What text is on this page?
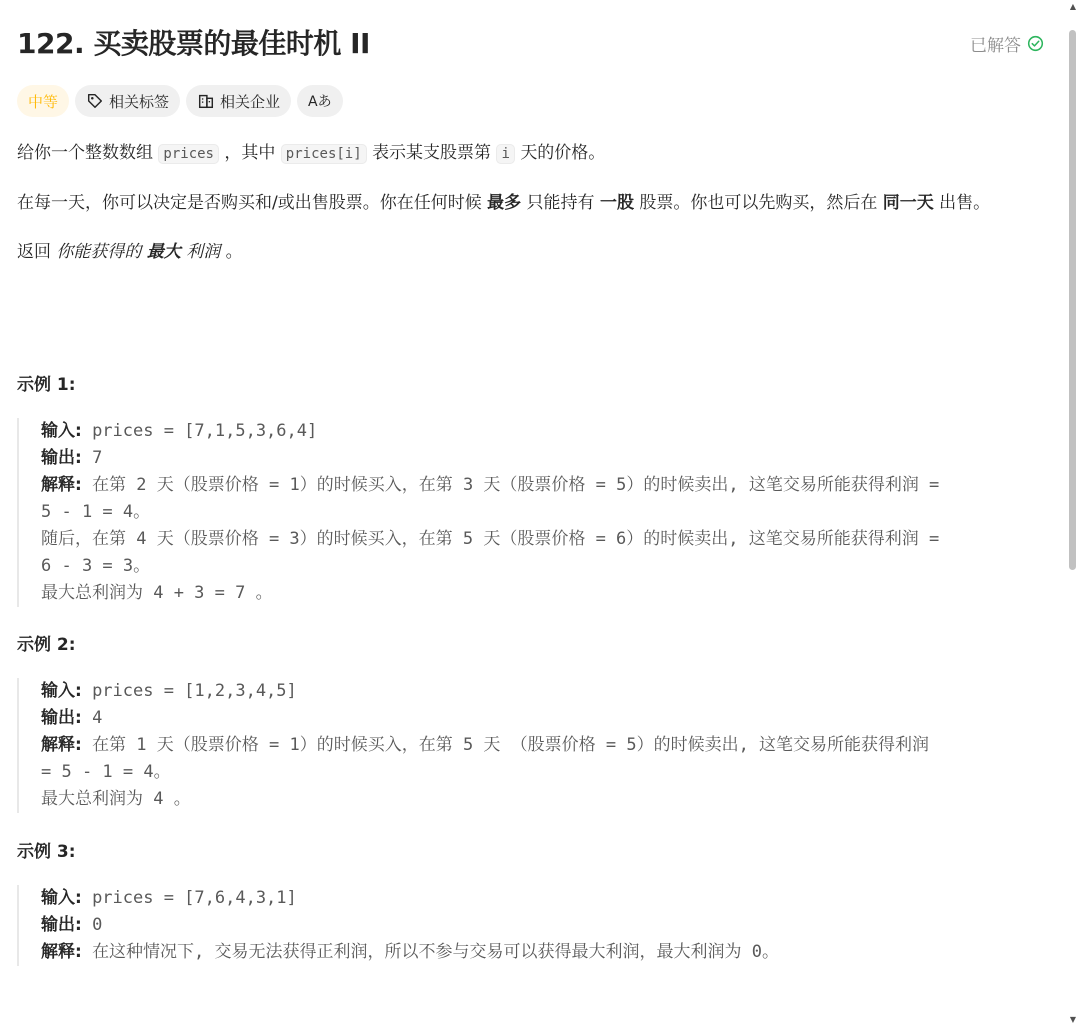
122. 买卖股票的最佳时机 II	已解答
中等	相关标签	相关企业 Aあ

给你一个整数数组 prices ，其中 prices[i] 表示某支股票第 i 天的价格。

在每一天，你可以决定是否购买和/或出售股票。你在任何时候 最多 只能持有 一股 股票。你也可以先购买，然后在 同一天 出售。

返回 你能获得的 最大 利润 。

示例 1:
输入: prices = [7,1,5,3,6,4]
输出: 7
解释: 在第 2 天（股票价格 = 1）的时候买入，在第 3 天（股票价格 = 5）的时候卖出, 这笔交易所能获得利润 =
5 - 1 = 4。
随后，在第 4 天（股票价格 = 3）的时候买入，在第 5 天（股票价格 = 6）的时候卖出, 这笔交易所能获得利润 =
6 - 3 = 3。
最大总利润为 4 + 3 = 7 。
示例 2:
输入: prices = [1,2,3,4,5]
输出: 4
解释: 在第 1 天（股票价格 = 1）的时候买入，在第 5 天 （股票价格 = 5）的时候卖出, 这笔交易所能获得利润
= 5 - 1 = 4。
最大总利润为 4 。
示例 3:
输入: prices = [7,6,4,3,1]
输出: 0
解释: 在这种情况下, 交易无法获得正利润，所以不参与交易可以获得最大利润，最大利润为 0。
▲
▼
